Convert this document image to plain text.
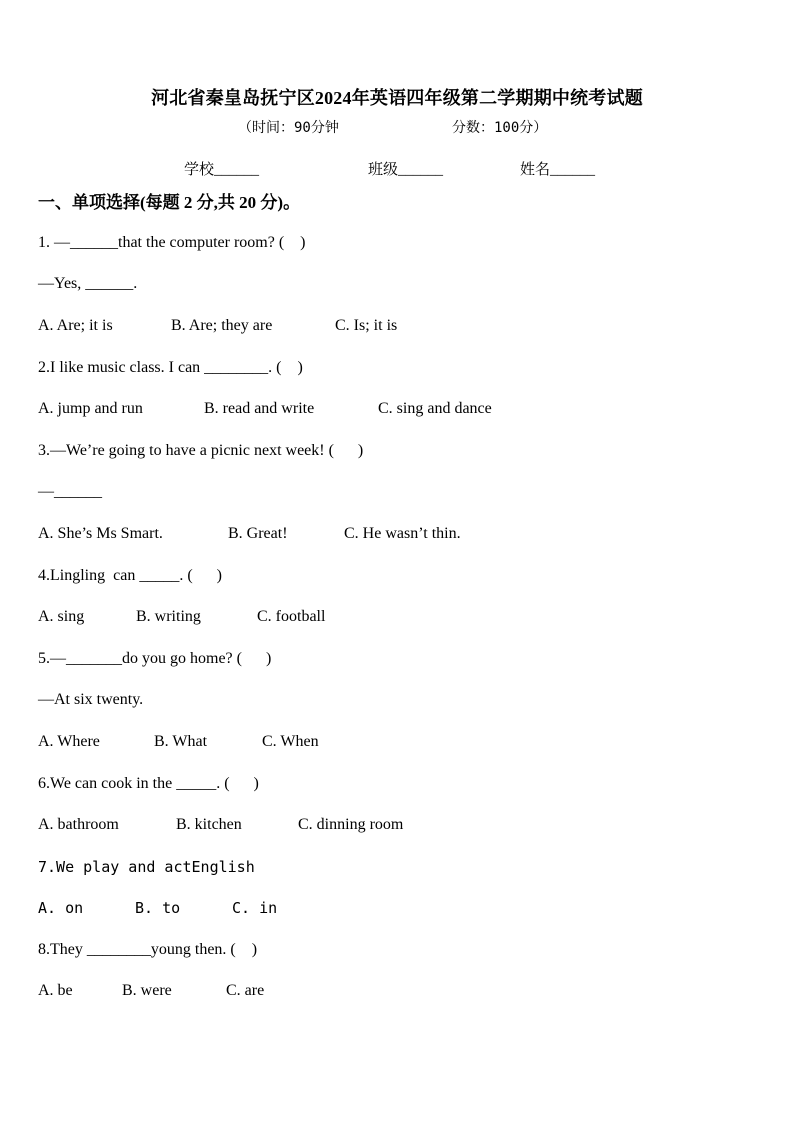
河北省秦皇岛抚宁区2024年英语四年级第二学期期中统考试题
（时间：90分钟	分数：100分）
学校______	班级______	姓名______
一、单项选择(每题 2 分,共 20 分)。
1. —______that the computer room? (    )
—Yes, ______.
A. Are; it is	B. Are; they are	C. Is; it is
2.I like music class. I can ________. (    )
A. jump and run	B. read and write	C. sing and dance
3.—We’re going to have a picnic next week! (      )
—______
A. She’s Ms Smart.	B. Great!	C. He wasn’t thin.
4.Lingling  can _____. (      )
A. sing	B. writing	C. football
5.—_______do you go home? (      )
—At six twenty.
A. Where	B. What	C. When
6.We can cook in the _____. (      )
A. bathroom	B. kitchen	C. dinning room
7.We play and actEnglish
A. on	B. to	C. in
8.They ________young then. (    )
A. be	B. were	C. are
